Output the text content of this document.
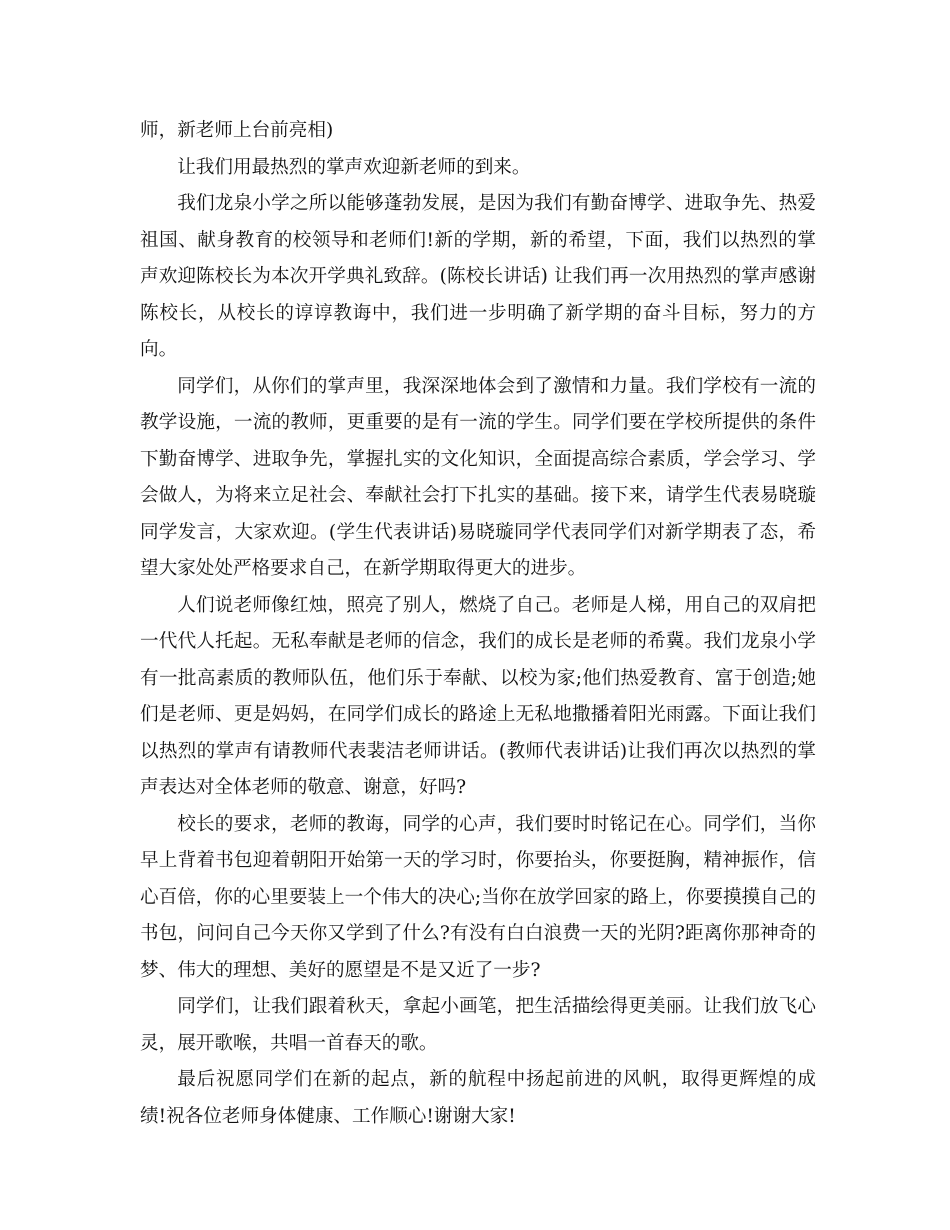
师，新老师上台前亮相)

让我们用最热烈的掌声欢迎新老师的到来。

我们龙泉小学之所以能够蓬勃发展，是因为我们有勤奋博学、进取争先、热爱祖国、献身教育的校领导和老师们!新的学期，新的希望，下面，我们以热烈的掌声欢迎陈校长为本次开学典礼致辞。(陈校长讲话) 让我们再一次用热烈的掌声感谢陈校长，从校长的谆谆教诲中，我们进一步明确了新学期的奋斗目标，努力的方向。

同学们，从你们的掌声里，我深深地体会到了激情和力量。我们学校有一流的教学设施，一流的教师，更重要的是有一流的学生。同学们要在学校所提供的条件下勤奋博学、进取争先，掌握扎实的文化知识，全面提高综合素质，学会学习、学会做人，为将来立足社会、奉献社会打下扎实的基础。接下来，请学生代表易晓璇同学发言，大家欢迎。(学生代表讲话)易晓璇同学代表同学们对新学期表了态，希望大家处处严格要求自己，在新学期取得更大的进步。

人们说老师像红烛，照亮了别人，燃烧了自己。老师是人梯，用自己的双肩把一代代人托起。无私奉献是老师的信念，我们的成长是老师的希冀。我们龙泉小学有一批高素质的教师队伍，他们乐于奉献、以校为家;他们热爱教育、富于创造;她们是老师、更是妈妈，在同学们成长的路途上无私地撒播着阳光雨露。下面让我们以热烈的掌声有请教师代表裴洁老师讲话。(教师代表讲话)让我们再次以热烈的掌声表达对全体老师的敬意、谢意，好吗?

校长的要求，老师的教诲，同学的心声，我们要时时铭记在心。同学们，当你早上背着书包迎着朝阳开始第一天的学习时，你要抬头，你要挺胸，精神振作，信心百倍，你的心里要装上一个伟大的决心;当你在放学回家的路上，你要摸摸自己的书包，问问自己今天你又学到了什么?有没有白白浪费一天的光阴?距离你那神奇的梦、伟大的理想、美好的愿望是不是又近了一步?

同学们，让我们跟着秋天，拿起小画笔，把生活描绘得更美丽。让我们放飞心灵，展开歌喉，共唱一首春天的歌。

最后祝愿同学们在新的起点，新的航程中扬起前进的风帆，取得更辉煌的成绩!祝各位老师身体健康、工作顺心!谢谢大家!
